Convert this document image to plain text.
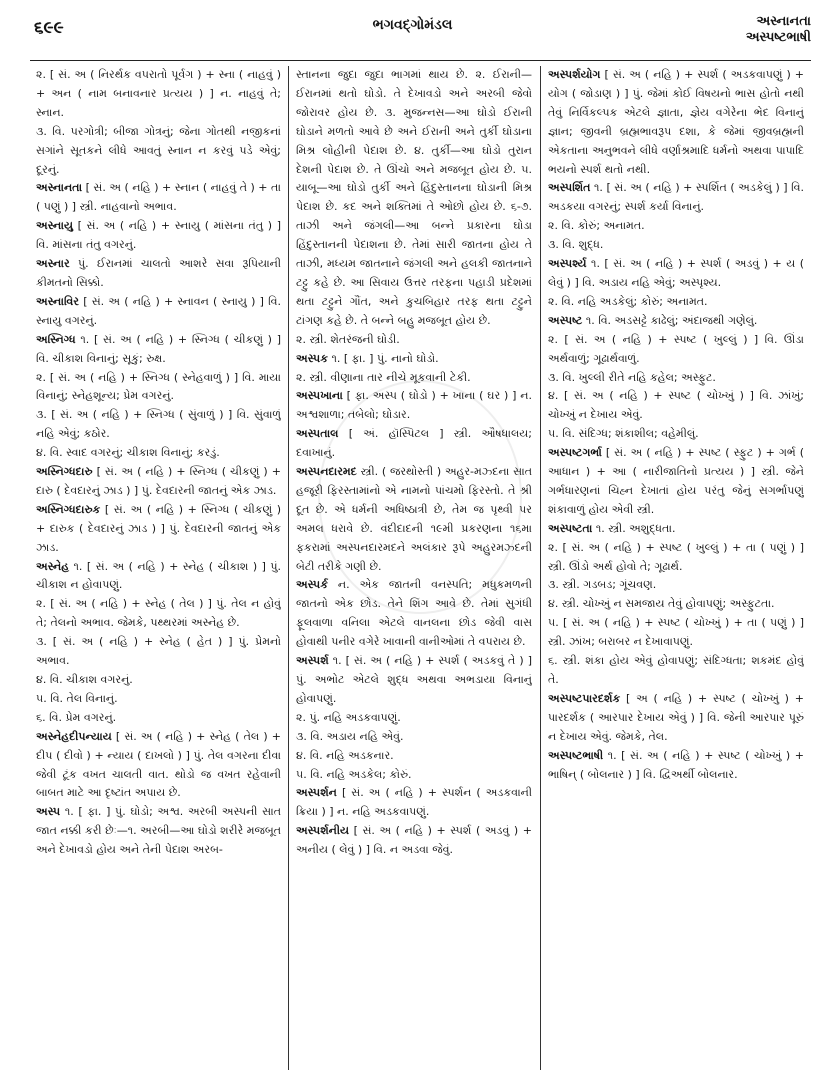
૬૯૯	ભગવદ્ગોમંડલ	અસ્નાનતા
અસ્પષ્ટભાષી

૨. [ સં. અ ( નિરર્થક વપરાતો પૂર્વગ ) + સ્ના ( નાહવું ) + અન ( નામ બનાવનાર પ્રત્યય ) ] ન. નાહવું તે; સ્નાન.

૩. વિ. પરગોત્રી; બીજા ગોત્રનું; જેના ગોતથી નજીકનાં સગાંને સૂતકને લીધે આવતું સ્નાન ન કરવું પડે એવું; દૂરનું.

અસ્નાનતા [ સં. અ ( નહિ ) + સ્નાન ( નાહવું તે ) + તા ( પણું ) ] સ્ત્રી. નાહવાનો અભાવ.

અસ્નાયુ [ સં. અ ( નહિ ) + સ્નાયુ ( માંસના તંતુ ) ] વિ. માંસના તંતુ વગરનું.

અસ્નાર પું. ઈરાનમાં ચાલતો આશરે સવા રૂપિયાની કીમતનો સિક્કો.

અસ્નાવિર [ સં. અ ( નહિ ) + સ્નાવન ( સ્નાયુ ) ] વિ. સ્નાયુ વગરનું.

અસ્નિગ્ધ ૧. [ સં. અ ( નહિ ) + સ્નિગ્ધ ( ચીકણું ) ] વિ. ચીકાશ વિનાનું; સૂકું; રુક્ષ.

૨. [ સં. અ ( નહિ ) + સ્નિગ્ધ ( સ્નેહવાળું ) ] વિ. માયા વિનાનું; સ્નેહશૂન્ય; પ્રેમ વગરનું.

૩. [ સં. અ ( નહિ ) + સ્નિગ્ધ ( સુંવાળું ) ] વિ. સુંવાળું નહિ એવું; કઠોર.

૪. વિ. સ્વાદ વગરનું; ચીકાશ વિનાનું; કરડું.

અસ્નિગ્ધદારુ [ સં. અ ( નહિ ) + સ્નિગ્ધ ( ચીકણું ) + દારુ ( દેવદારનું ઝાડ ) ] પું. દેવદારની જાતનું એક ઝાડ.

અસ્નિગ્ધદારુક [ સં. અ ( નહિ ) + સ્નિગ્ધ ( ચીકણું ) + દારુક ( દેવદારનું ઝાડ ) ] પું. દેવદારની જાતનું એક ઝાડ.

અસ્નેહ ૧. [ સં. અ ( નહિ ) + સ્નેહ ( ચીકાશ ) ] પું. ચીકાશ ન હોવાપણું.

૨. [ સં. અ ( નહિ ) + સ્નેહ ( તેલ ) ] પું. તેલ ન હોવું તે; તેલનો અભાવ. જેમકે, પથ્થરમાં અસ્નેહ છે.

૩. [ સં. અ ( નહિ ) + સ્નેહ ( હેત ) ] પું. પ્રેમનો અભાવ.

૪. વિ. ચીકાશ વગરનું.

૫. વિ. તેલ વિનાનું.

૬. વિ. પ્રેમ વગરનું.

અસ્નેહદીપન્યાય [ સં. અ ( નહિ ) + સ્નેહ ( તેલ ) + દીપ ( દીવો ) + ન્યાય ( દાખલો ) ] પું. તેલ વગરના દીવા જેવી ટૂંક વખત ચાલતી વાત. થોડો જ વખત રહેવાની બાબત માટે આ દૃષ્ટાંત અપાય છે.

અસ્પ ૧. [ ફા. ] પું. ઘોડો; અશ્વ. અરબી અસ્પની સાત જાત નક્કી કરી છેઃ—૧. અરબી—આ ઘોડો શરીરે મજબૂત અને દેખાવડો હોય અને તેની પેદાશ અરબ-

સ્તાનના જુદા જુદા ભાગમાં થાય છે. ૨. ઈરાની—ઈરાનમાં થતો ઘોડો. તે દેખાવડો અને અરબી જેવો જોરાવર હોય છે. ૩. મુજન્નસ—આ ઘોડો ઈરાની ઘોડાને મળતો આવે છે અને ઈરાની અને તુર્કી ઘોડાના મિશ્ર લોહીની પેદાશ છે. ૪. તુર્કી—આ ઘોડો તુરાન દેશની પેદાશ છે. તે ઊંચો અને મજબૂત હોય છે. ૫. યાબૂ—આ ઘોડો તુર્કી અને હિંદુસ્તાનના ઘોડાની મિશ્ર પેદાશ છે. કદ અને શક્તિમાં તે ઓછો હોય છે. ૬-૭. તાઝી અને જંગલી—આ બન્ને પ્રકારના ઘોડા હિંદુસ્તાનની પેદાશના છે. તેમાં સારી જાતના હોય તે તાઝી, મધ્યમ જાતનાને જંગલી અને હલકી જાતનાને ટટ્ટુ કહે છે. આ સિવાય ઉત્તર તરફના પહાડી પ્રદેશમાં થતા ટટ્ટુને ગૌંત, અને કુચબિહાર તરફ થતા ટટ્ટુને ટાંગણ કહે છે. તે બન્ને બહુ મજબૂત હોય છે.

૨. સ્ત્રી. શેતરંજની ઘોડી.

અસ્પક ૧. [ ફા. ] પું. નાનો ઘોડો.

૨. સ્ત્રી. વીણાના તાર નીચે મૂકવાની ટેકી.

અસ્પખાના [ ફા. અસ્પ ( ઘોડો ) + ખાના ( ઘર ) ] ન. અશ્વશાળા; તબેલો; ઘોડાર.

અસ્પતાલ [ અં. હૉસ્પિટલ ] સ્ત્રી. ઔષધાલય; દવાખાનું.

અસ્પનદારમદ સ્ત્રી. ( જરથોસ્તી ) અહુર-મઝ્દના સાત હજૂરી ફિરસ્તામાંનો એ નામનો પાંચમો ફિરસ્તો. તે શ્રી દૂત છે. એ ધર્મની અધિષ્ઠાત્રી છે, તેમ જ પૃથ્વી પર અમલ ધરાવે છે. વંદીદાદની ૧૯મી પ્રકરણના ૧૬મા ફકરામાં અસ્પનદારમદને અલંકાર રૂપે અહુરમઝ્દની બેટી તરીકે ગણી છે.

અસ્પર્ક ન. એક જાતની વનસ્પતિ; મધુકમળની જાતનો એક છોડ. તેને શિંગ આવે છે. તેમાં સુગંધી ફૂલવાળા વનિલા એટલે વાનલના છોડ જેવી વાસ હોવાથી પનીર વગેરે ખાવાની વાનીઓમાં તે વપરાય છે.

અસ્પર્શ ૧. [ સં. અ ( નહિ ) + સ્પર્શ ( અડકવું તે ) ] પું. અભોટ એટલે શુદ્ધ અથવા અભડાયા વિનાનું હોવાપણું.

૨. પું. નહિ અડકવાપણું.

૩. વિ. અડાય નહિ એવું.

૪. વિ. નહિ અડકનાર.

૫. વિ. નહિ અડકેલ; કોરું.

અસ્પર્શન [ સં. અ ( નહિ ) + સ્પર્શન ( અડકવાની ક્રિયા ) ] ન. નહિ અડકવાપણું.

અસ્પર્શનીય [ સં. અ ( નહિ ) + સ્પર્શ ( અડવું ) + અનીય ( લેવું ) ] વિ. ન અડવા જેવું.

અસ્પર્શયોગ [ સં. અ ( નહિ ) + સ્પર્શ ( અડકવાપણું ) + યોગ ( જોડાણ ) ] પું. જેમાં કોઈ વિષયનો ભાસ હોતો નથી તેવું નિર્વિકલ્પક એટલે જ્ઞાતા, જ્ઞેય વગેરેના ભેદ વિનાનું જ્ઞાન; જીવની બ્રહ્મભાવરૂપ દશા, કે જેમાં જીવબ્રહ્મની એકતાના અનુભવને લીધે વર્ણાશ્રમાદિ ધર્મનો અથવા પાપાદિ ભયનો સ્પર્શ થતો નથી.

અસ્પર્શિત ૧. [ સં. અ ( નહિ ) + સ્પર્શિત ( અડકેલું ) ] વિ. અડકયા વગરનું; સ્પર્શ કર્યા વિનાનું.

૨. વિ. કોરું; અનામત.

૩. વિ. શુદ્ધ.

અસ્પર્શ્ય ૧. [ સં. અ ( નહિ ) + સ્પર્શ ( અડવું ) + ય ( લેવું ) ] વિ. અડાય નહિ એવું; અસ્પૃશ્ય.

૨. વિ. નહિ અડકેલું; કોરું; અનામત.

અસ્પષ્ટ ૧. વિ. અડસટ્ટે કાઢેલું; અંદાજથી ગણેલું.

૨. [ સં. અ ( નહિ ) + સ્પષ્ટ ( ખુલ્લું ) ] વિ. ઊંડા અર્થવાળું; ગૂઢાર્થવાળું.

૩. વિ. ખુલ્લી રીતે નહિ કહેલ; અસ્ફુટ.

૪. [ સં. અ ( નહિ ) + સ્પષ્ટ ( ચોખ્ખું ) ] વિ. ઝાંખું; ચોખ્ખું ન દેખાય એવું.

૫. વિ. સંદિગ્ધ; શંકાશીલ; વહેમીલું.

અસ્પષ્ટગર્ભા [ સં. અ ( નહિ ) + સ્પષ્ટ ( સ્ફુટ ) + ગર્ભ ( આધાન ) + આ ( નારીજાતિનો પ્રત્યય ) ] સ્ત્રી. જેને ગર્ભધારણનાં ચિહ્ન દેખાતાં હોય પરંતુ જેનું સગર્ભાપણું શંકાવાળું હોય એવી સ્ત્રી.

અસ્પષ્ટતા ૧. સ્ત્રી. અશુદ્ધતા.

૨. [ સં. અ ( નહિ ) + સ્પષ્ટ ( ખુલ્લું ) + તા ( પણું ) ] સ્ત્રી. ઊંડો અર્થ હોવો તે; ગૂઢાર્થ.

૩. સ્ત્રી. ગડબડ; ગૂંચવણ.

૪. સ્ત્રી. ચોખ્ખું ન સમજાય તેવું હોવાપણું; અસ્ફુટતા.

૫. [ સં. અ ( નહિ ) + સ્પષ્ટ ( ચોખ્ખું ) + તા ( પણું ) ] સ્ત્રી. ઝાંખ; બરાબર ન દેખાવાપણું.

૬. સ્ત્રી. શંકા હોય એવું હોવાપણું; સંદિગ્ધતા; શકમંદ હોવું તે.

અસ્પષ્ટપારદર્શક [ અ ( નહિ ) + સ્પષ્ટ ( ચોખ્ખું ) + પારદર્શક ( આરપાર દેખાય એવું ) ] વિ. જેની આરપાર પૂરું ન દેખાય એવું. જેમકે, તેલ.

અસ્પષ્ટભાષી ૧. [ સં. અ ( નહિ ) + સ્પષ્ટ ( ચોખ્ખું ) + ભાષિન્ ( બોલનાર ) ] વિ. દ્વિઅર્થી બોલનાર.
